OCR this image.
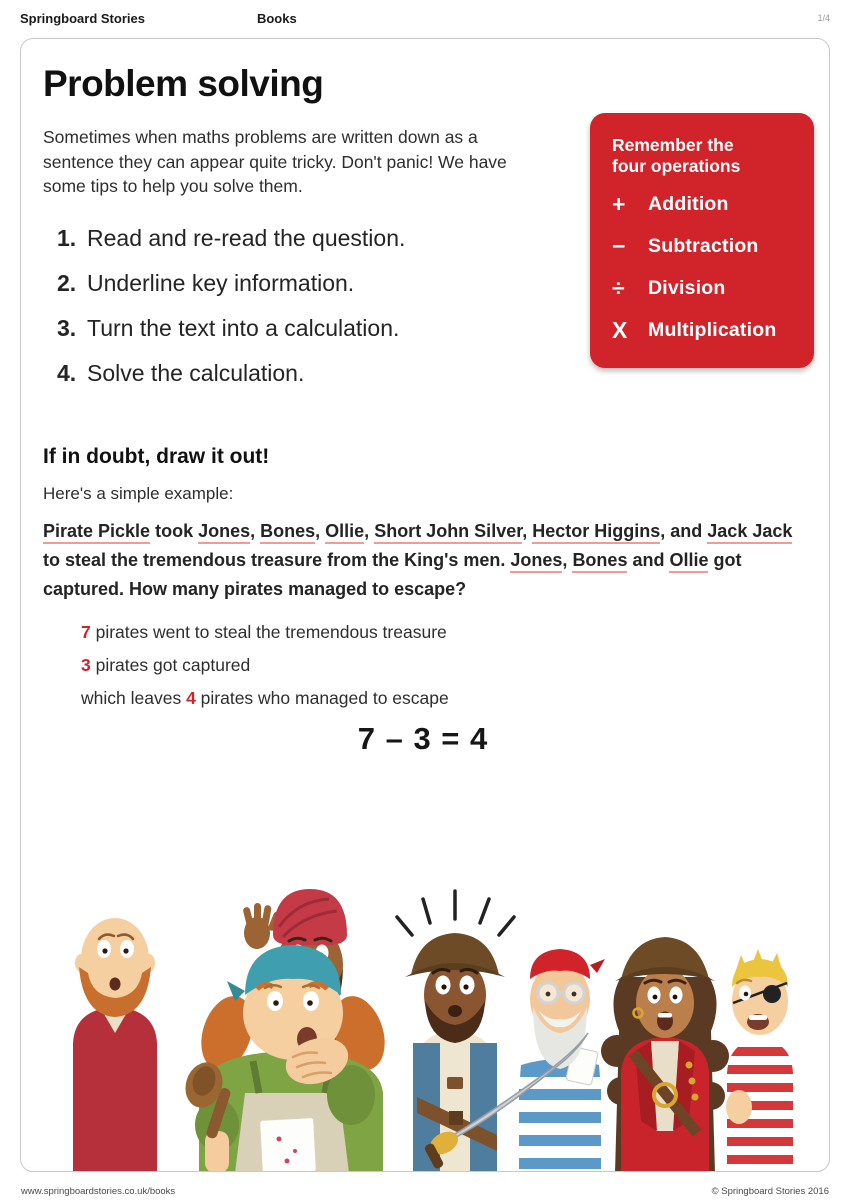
Springboard Stories	Books	1/4
Problem solving

Sometimes when maths problems are written down as a sentence they can appear quite tricky. Don't panic! We have some tips to help you solve them.

1. Read and re-read the question.
2. Underline key information.
3. Turn the text into a calculation.
4. Solve the calculation.
Remember the four operations
+	Addition
−	Subtraction
÷	Division
X	Multiplication
If in doubt, draw it out!
Here's a simple example:

Pirate Pickle took Jones, Bones, Ollie, Short John Silver, Hector Higgins, and Jack Jack to steal the tremendous treasure from the King's men. Jones, Bones and Ollie got captured. How many pirates managed to escape?

7 pirates went to steal the tremendous treasure
3 pirates got captured
which leaves 4 pirates who managed to escape
7 – 3 = 4
www.springboardstories.co.uk/books	© Springboard Stories 2016
